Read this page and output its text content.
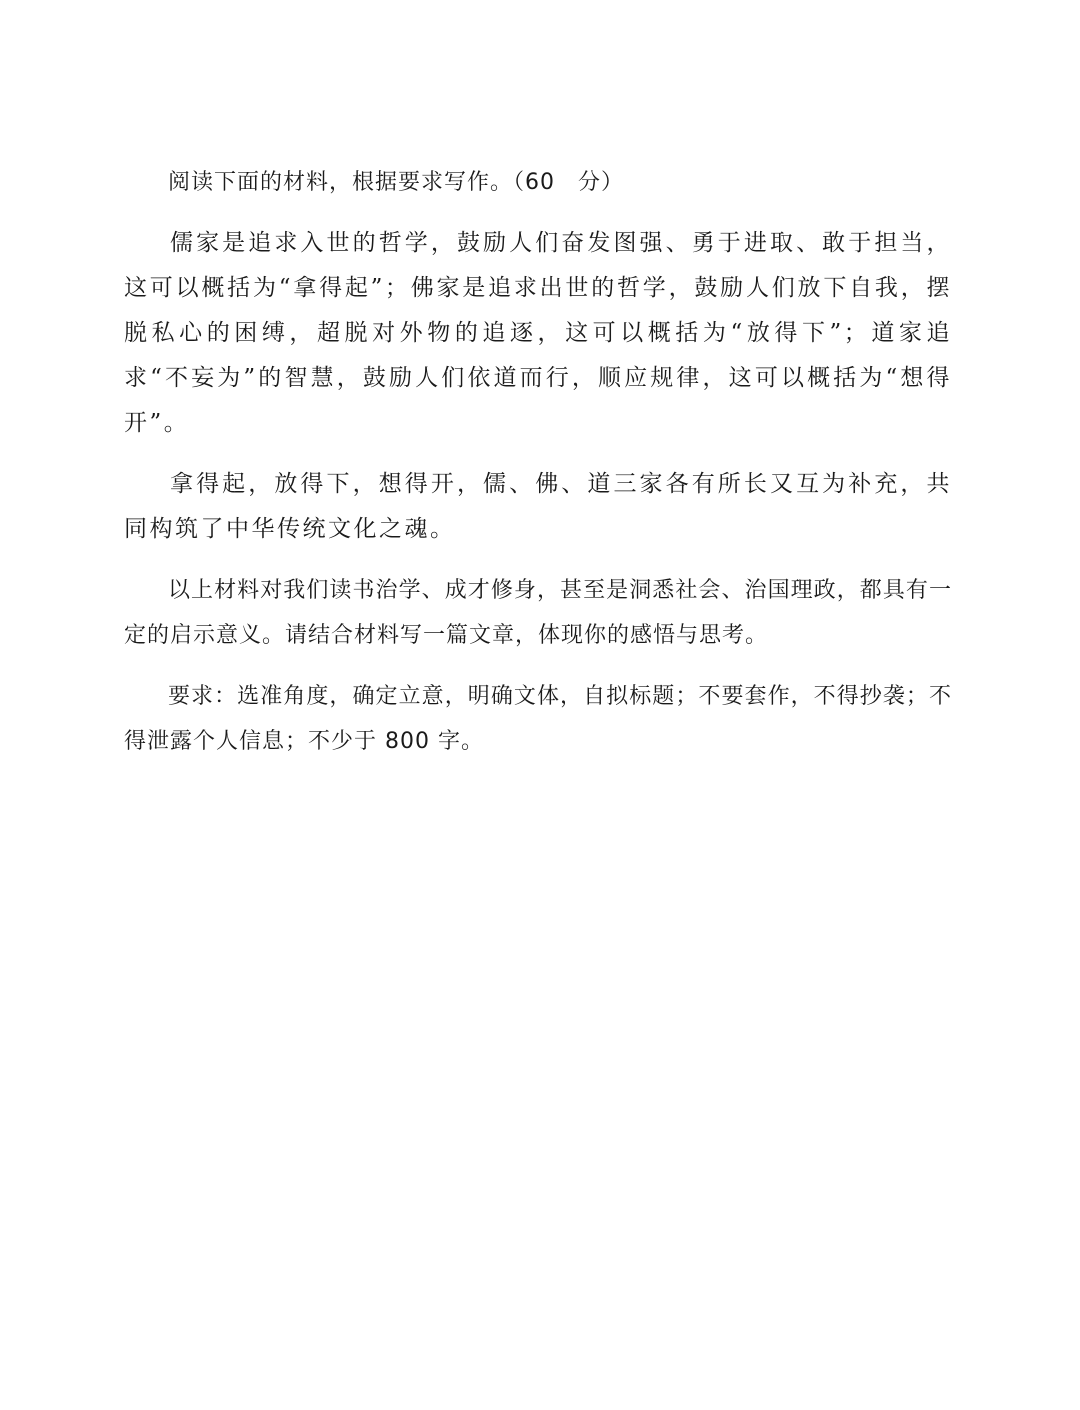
阅读下面的材料，根据要求写作。（60　分）

儒家是追求入世的哲学，鼓励人们奋发图强、勇于进取、敢于担当，这可以概括为“拿得起”；佛家是追求出世的哲学，鼓励人们放下自我，摆脱私心的困缚，超脱对外物的追逐，这可以概括为“放得下”；道家追求“不妄为”的智慧，鼓励人们依道而行，顺应规律，这可以概括为“想得开”。

拿得起，放得下，想得开，儒、佛、道三家各有所长又互为补充，共同构筑了中华传统文化之魂。

以上材料对我们读书治学、成才修身，甚至是洞悉社会、治国理政，都具有一定的启示意义。请结合材料写一篇文章，体现你的感悟与思考。

要求：选准角度，确定立意，明确文体，自拟标题；不要套作，不得抄袭；不得泄露个人信息；不少于 800 字。
